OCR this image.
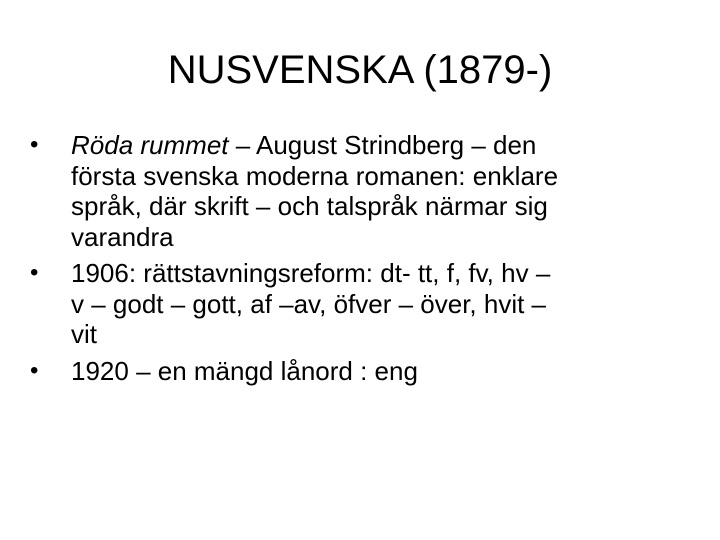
NUSVENSKA (1879-)
•	Röda rummet – August Strindberg – den
första svenska moderna romanen: enklare
språk, där skrift – och talspråk närmar sig
varandra
•	1906: rättstavningsreform: dt- tt, f, fv, hv –
v – godt – gott, af –av, öfver – över, hvit –
vit
•	1920 – en mängd lånord : eng
